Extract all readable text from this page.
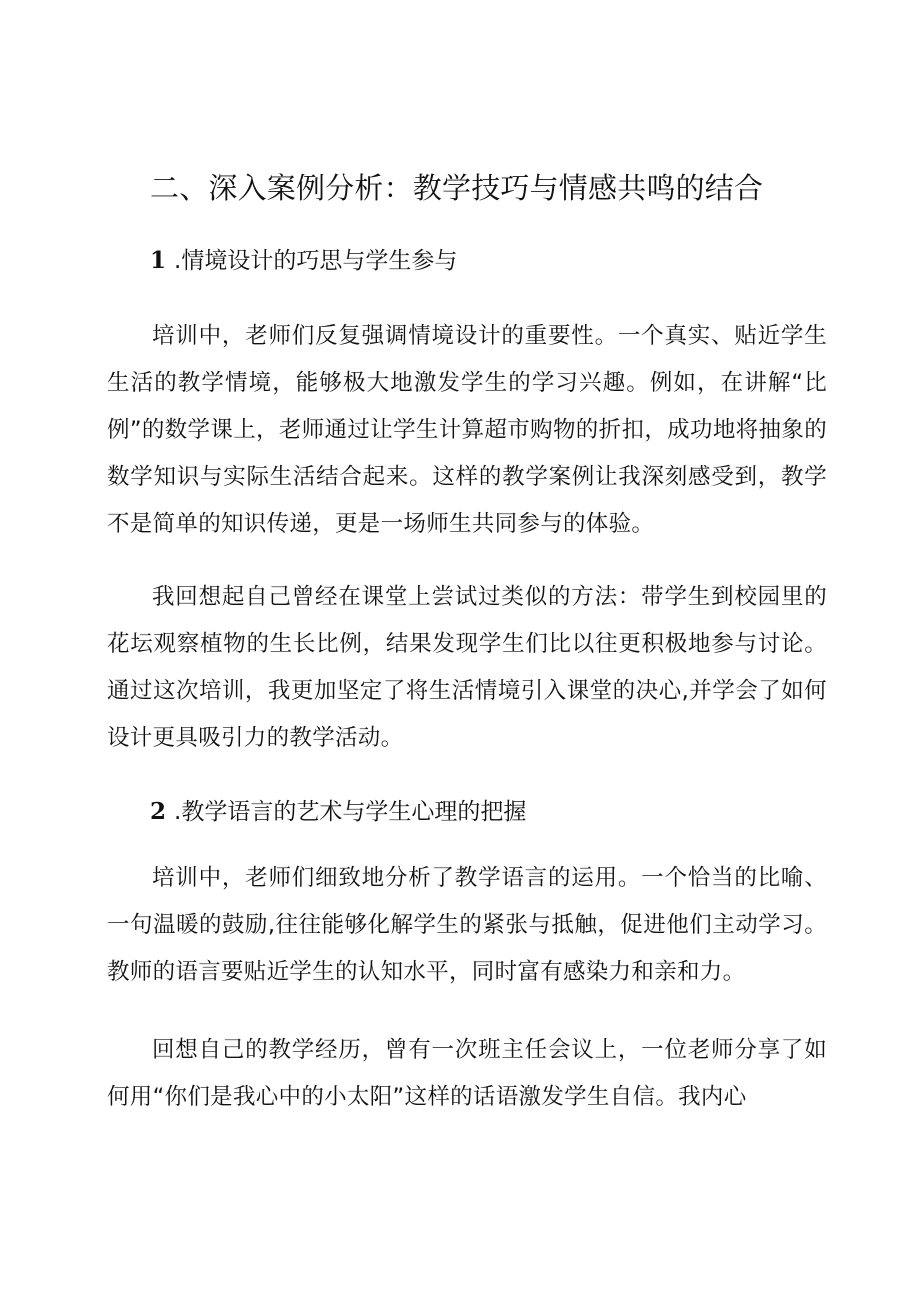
二、深入案例分析：教学技巧与情感共鸣的结合
1 .情境设计的巧思与学生参与

培训中，老师们反复强调情境设计的重要性。一个真实、贴近学生生活的教学情境，能够极大地激发学生的学习兴趣。例如，在讲解“比例”的数学课上，老师通过让学生计算超市购物的折扣，成功地将抽象的数学知识与实际生活结合起来。这样的教学案例让我深刻感受到，教学不是简单的知识传递，更是一场师生共同参与的体验。

我回想起自己曾经在课堂上尝试过类似的方法：带学生到校园里的花坛观察植物的生长比例，结果发现学生们比以往更积极地参与讨论。通过这次培训，我更加坚定了将生活情境引入课堂的决心,并学会了如何设计更具吸引力的教学活动。

2 .教学语言的艺术与学生心理的把握

培训中，老师们细致地分析了教学语言的运用。一个恰当的比喻、一句温暖的鼓励,往往能够化解学生的紧张与抵触，促进他们主动学习。教师的语言要贴近学生的认知水平，同时富有感染力和亲和力。

回想自己的教学经历，曾有一次班主任会议上，一位老师分享了如何用“你们是我心中的小太阳”这样的话语激发学生自信。我内心
